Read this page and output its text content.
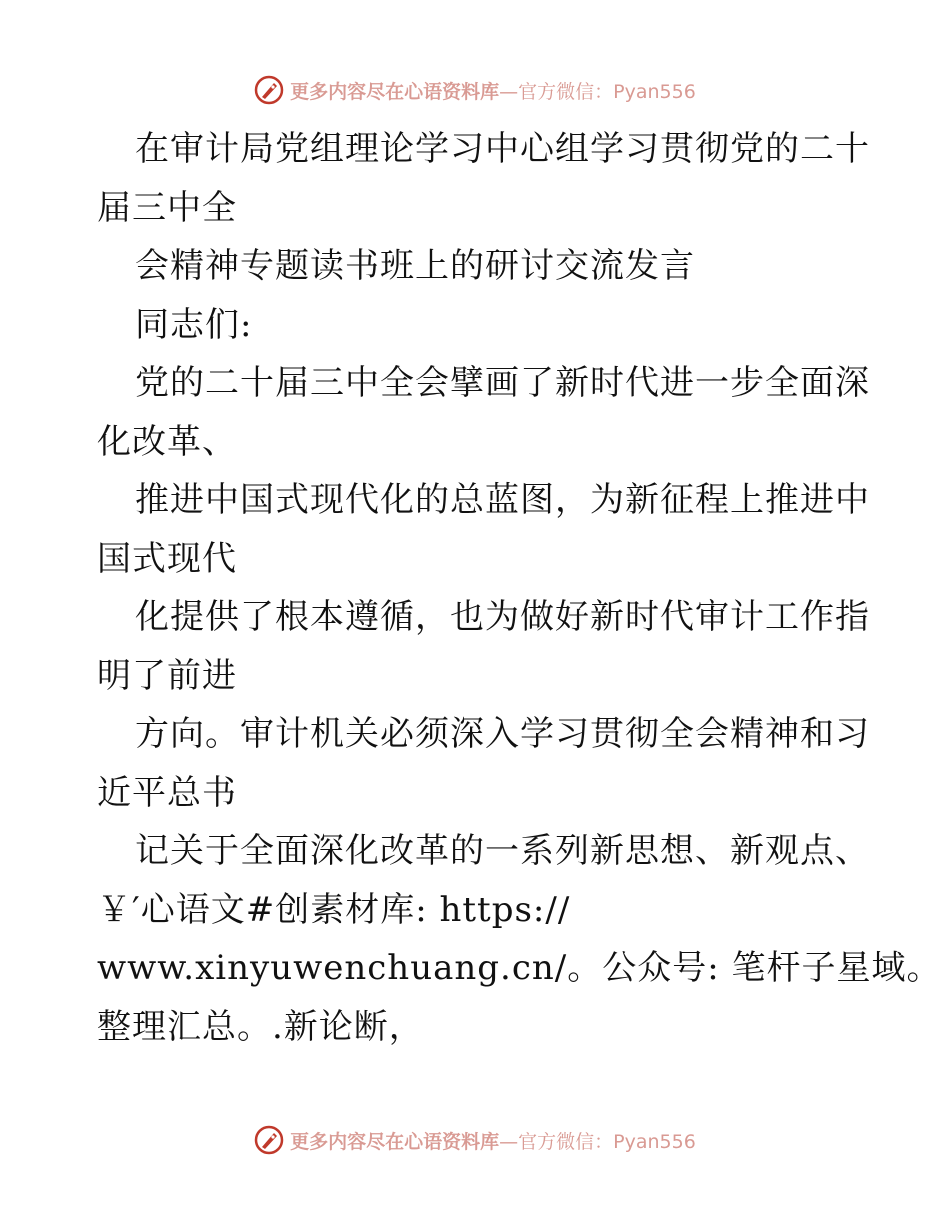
更多内容尽在心语资料库 —官方微信：Pyan556
在审计局党组理论学习中心组学习贯彻党的二十
届三中全
会精神专题读书班上的研讨交流发言
同志们:
党的二十届三中全会擘画了新时代进一步全面深
化改革、
推进中国式现代化的总蓝图，为新征程上推进中
国式现代
化提供了根本遵循，也为做好新时代审计工作指
明了前进
方向。审计机关必须深入学习贯彻全会精神和习
近平总书
记关于全面深化改革的一系列新思想、新观点、
￥′心语文#创素材库: https://
www.xinyuwenchuang.cn/。公众号: 笔杆子星域。
整理汇总。.新论断，
更多内容尽在心语资料库 —官方微信：Pyan556
